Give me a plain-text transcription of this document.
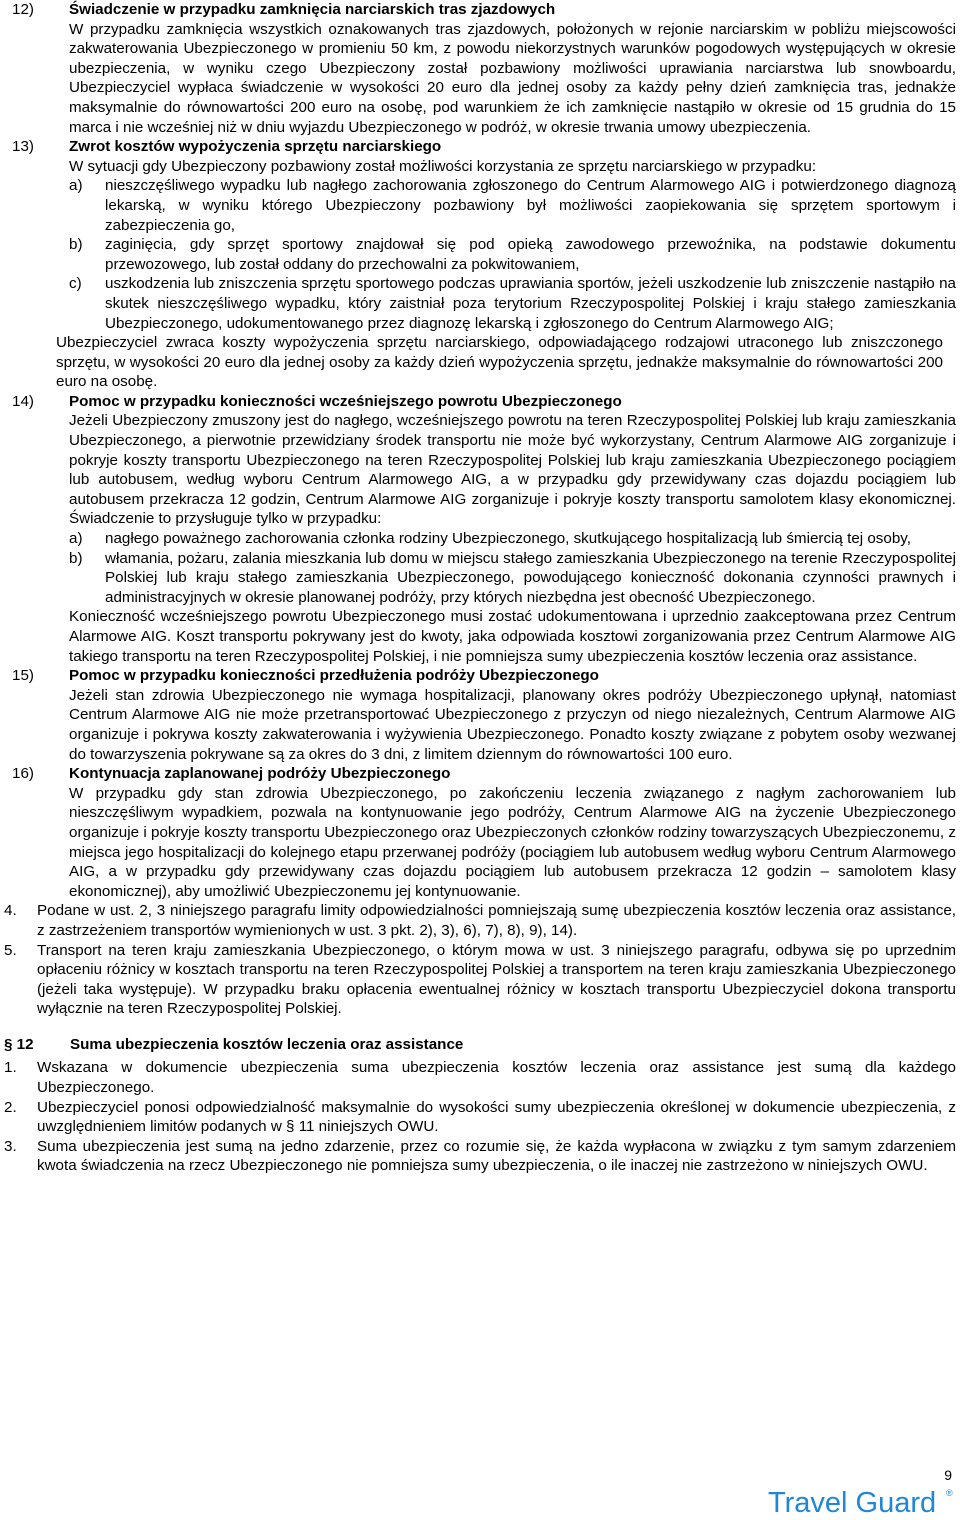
12) Świadczenie w przypadku zamknięcia narciarskich tras zjazdowych

W przypadku zamknięcia wszystkich oznakowanych tras zjazdowych, położonych w rejonie narciarskim w pobliżu miejscowości zakwaterowania Ubezpieczonego w promieniu 50 km, z powodu niekorzystnych warunków pogodowych występujących w okresie ubezpieczenia, w wyniku czego Ubezpieczony został pozbawiony możliwości uprawiania narciarstwa lub snowboardu, Ubezpieczyciel wypłaca świadczenie w wysokości 20 euro dla jednej osoby za każdy pełny dzień zamknięcia tras, jednakże maksymalnie do równowartości 200 euro na osobę, pod warunkiem że ich zamknięcie nastąpiło w okresie od 15 grudnia do 15 marca i nie wcześniej niż w dniu wyjazdu Ubezpieczonego w podróż, w okresie trwania umowy ubezpieczenia.

13) Zwrot kosztów wypożyczenia sprzętu narciarskiego

W sytuacji gdy Ubezpieczony pozbawiony został możliwości korzystania ze sprzętu narciarskiego w przypadku:

a) nieszczęśliwego wypadku lub nagłego zachorowania zgłoszonego do Centrum Alarmowego AIG i potwierdzonego diagnozą lekarską, w wyniku którego Ubezpieczony pozbawiony był możliwości zaopiekowania się sprzętem sportowym i zabezpieczenia go,

b) zaginięcia, gdy sprzęt sportowy znajdował się pod opieką zawodowego przewoźnika, na podstawie dokumentu przewozowego, lub został oddany do przechowalni za pokwitowaniem,

c) uszkodzenia lub zniszczenia sprzętu sportowego podczas uprawiania sportów, jeżeli uszkodzenie lub zniszczenie nastąpiło na skutek nieszczęśliwego wypadku, który zaistniał poza terytorium Rzeczypospolitej Polskiej i kraju stałego zamieszkania Ubezpieczonego, udokumentowanego przez diagnozę lekarską i zgłoszonego do Centrum Alarmowego AIG;

Ubezpieczyciel zwraca koszty wypożyczenia sprzętu narciarskiego, odpowiadającego rodzajowi utraconego lub zniszczonego sprzętu, w wysokości 20 euro dla jednej osoby za każdy dzień wypożyczenia sprzętu, jednakże maksymalnie do równowartości 200 euro na osobę.

14) Pomoc w przypadku konieczności wcześniejszego powrotu Ubezpieczonego

Jeżeli Ubezpieczony zmuszony jest do nagłego, wcześniejszego powrotu na teren Rzeczypospolitej Polskiej lub kraju zamieszkania Ubezpieczonego, a pierwotnie przewidziany środek transportu nie może być wykorzystany, Centrum Alarmowe AIG zorganizuje i pokryje koszty transportu Ubezpieczonego na teren Rzeczypospolitej Polskiej lub kraju zamieszkania Ubezpieczonego pociągiem lub autobusem, według wyboru Centrum Alarmowego AIG, a w przypadku gdy przewidywany czas dojazdu pociągiem lub autobusem przekracza 12 godzin, Centrum Alarmowe AIG zorganizuje i pokryje koszty transportu samolotem klasy ekonomicznej. Świadczenie to przysługuje tylko w przypadku:

a) nagłego poważnego zachorowania członka rodziny Ubezpieczonego, skutkującego hospitalizacją lub śmiercią tej osoby,

b) włamania, pożaru, zalania mieszkania lub domu w miejscu stałego zamieszkania Ubezpieczonego na terenie Rzeczypospolitej Polskiej lub kraju stałego zamieszkania Ubezpieczonego, powodującego konieczność dokonania czynności prawnych i administracyjnych w okresie planowanej podróży, przy których niezbędna jest obecność Ubezpieczonego.

Konieczność wcześniejszego powrotu Ubezpieczonego musi zostać udokumentowana i uprzednio zaakceptowana przez Centrum Alarmowe AIG. Koszt transportu pokrywany jest do kwoty, jaka odpowiada kosztowi zorganizowania przez Centrum Alarmowe AIG takiego transportu na teren Rzeczypospolitej Polskiej, i nie pomniejsza sumy ubezpieczenia kosztów leczenia oraz assistance.

15) Pomoc w przypadku konieczności przedłużenia podróży Ubezpieczonego

Jeżeli stan zdrowia Ubezpieczonego nie wymaga hospitalizacji, planowany okres podróży Ubezpieczonego upłynął, natomiast Centrum Alarmowe AIG nie może przetransportować Ubezpieczonego z przyczyn od niego niezależnych, Centrum Alarmowe AIG organizuje i pokrywa koszty zakwaterowania i wyżywienia Ubezpieczonego. Ponadto koszty związane z pobytem osoby wezwanej do towarzyszenia pokrywane są za okres do 3 dni, z limitem dziennym do równowartości 100 euro.

16) Kontynuacja zaplanowanej podróży Ubezpieczonego

W przypadku gdy stan zdrowia Ubezpieczonego, po zakończeniu leczenia związanego z nagłym zachorowaniem lub nieszczęśliwym wypadkiem, pozwala na kontynuowanie jego podróży, Centrum Alarmowe AIG na życzenie Ubezpieczonego organizuje i pokryje koszty transportu Ubezpieczonego oraz Ubezpieczonych członków rodziny towarzyszących Ubezpieczonemu, z miejsca jego hospitalizacji do kolejnego etapu przerwanej podróży (pociągiem lub autobusem według wyboru Centrum Alarmowego AIG, a w przypadku gdy przewidywany czas dojazdu pociągiem lub autobusem przekracza 12 godzin – samolotem klasy ekonomicznej), aby umożliwić Ubezpieczonemu jej kontynuowanie.

4. Podane w ust. 2, 3 niniejszego paragrafu limity odpowiedzialności pomniejszają sumę ubezpieczenia kosztów leczenia oraz assistance, z zastrzeżeniem transportów wymienionych w ust. 3 pkt. 2), 3), 6), 7), 8), 9), 14).

5. Transport na teren kraju zamieszkania Ubezpieczonego, o którym mowa w ust. 3 niniejszego paragrafu, odbywa się po uprzednim opłaceniu różnicy w kosztach transportu na teren Rzeczypospolitej Polskiej a transportem na teren kraju zamieszkania Ubezpieczonego (jeżeli taka występuje). W przypadku braku opłacenia ewentualnej różnicy w kosztach transportu Ubezpieczyciel dokona transportu wyłącznie na teren Rzeczypospolitej Polskiej.

§ 12 Suma ubezpieczenia kosztów leczenia oraz assistance

1. Wskazana w dokumencie ubezpieczenia suma ubezpieczenia kosztów leczenia oraz assistance jest sumą dla każdego Ubezpieczonego.

2. Ubezpieczyciel ponosi odpowiedzialność maksymalnie do wysokości sumy ubezpieczenia określonej w dokumencie ubezpieczenia, z uwzględnieniem limitów podanych w § 11 niniejszych OWU.

3. Suma ubezpieczenia jest sumą na jedno zdarzenie, przez co rozumie się, że każda wypłacona w związku z tym samym zdarzeniem kwota świadczenia na rzecz Ubezpieczonego nie pomniejsza sumy ubezpieczenia, o ile inaczej nie zastrzeżono w niniejszych OWU.

9
Travel Guard ®
